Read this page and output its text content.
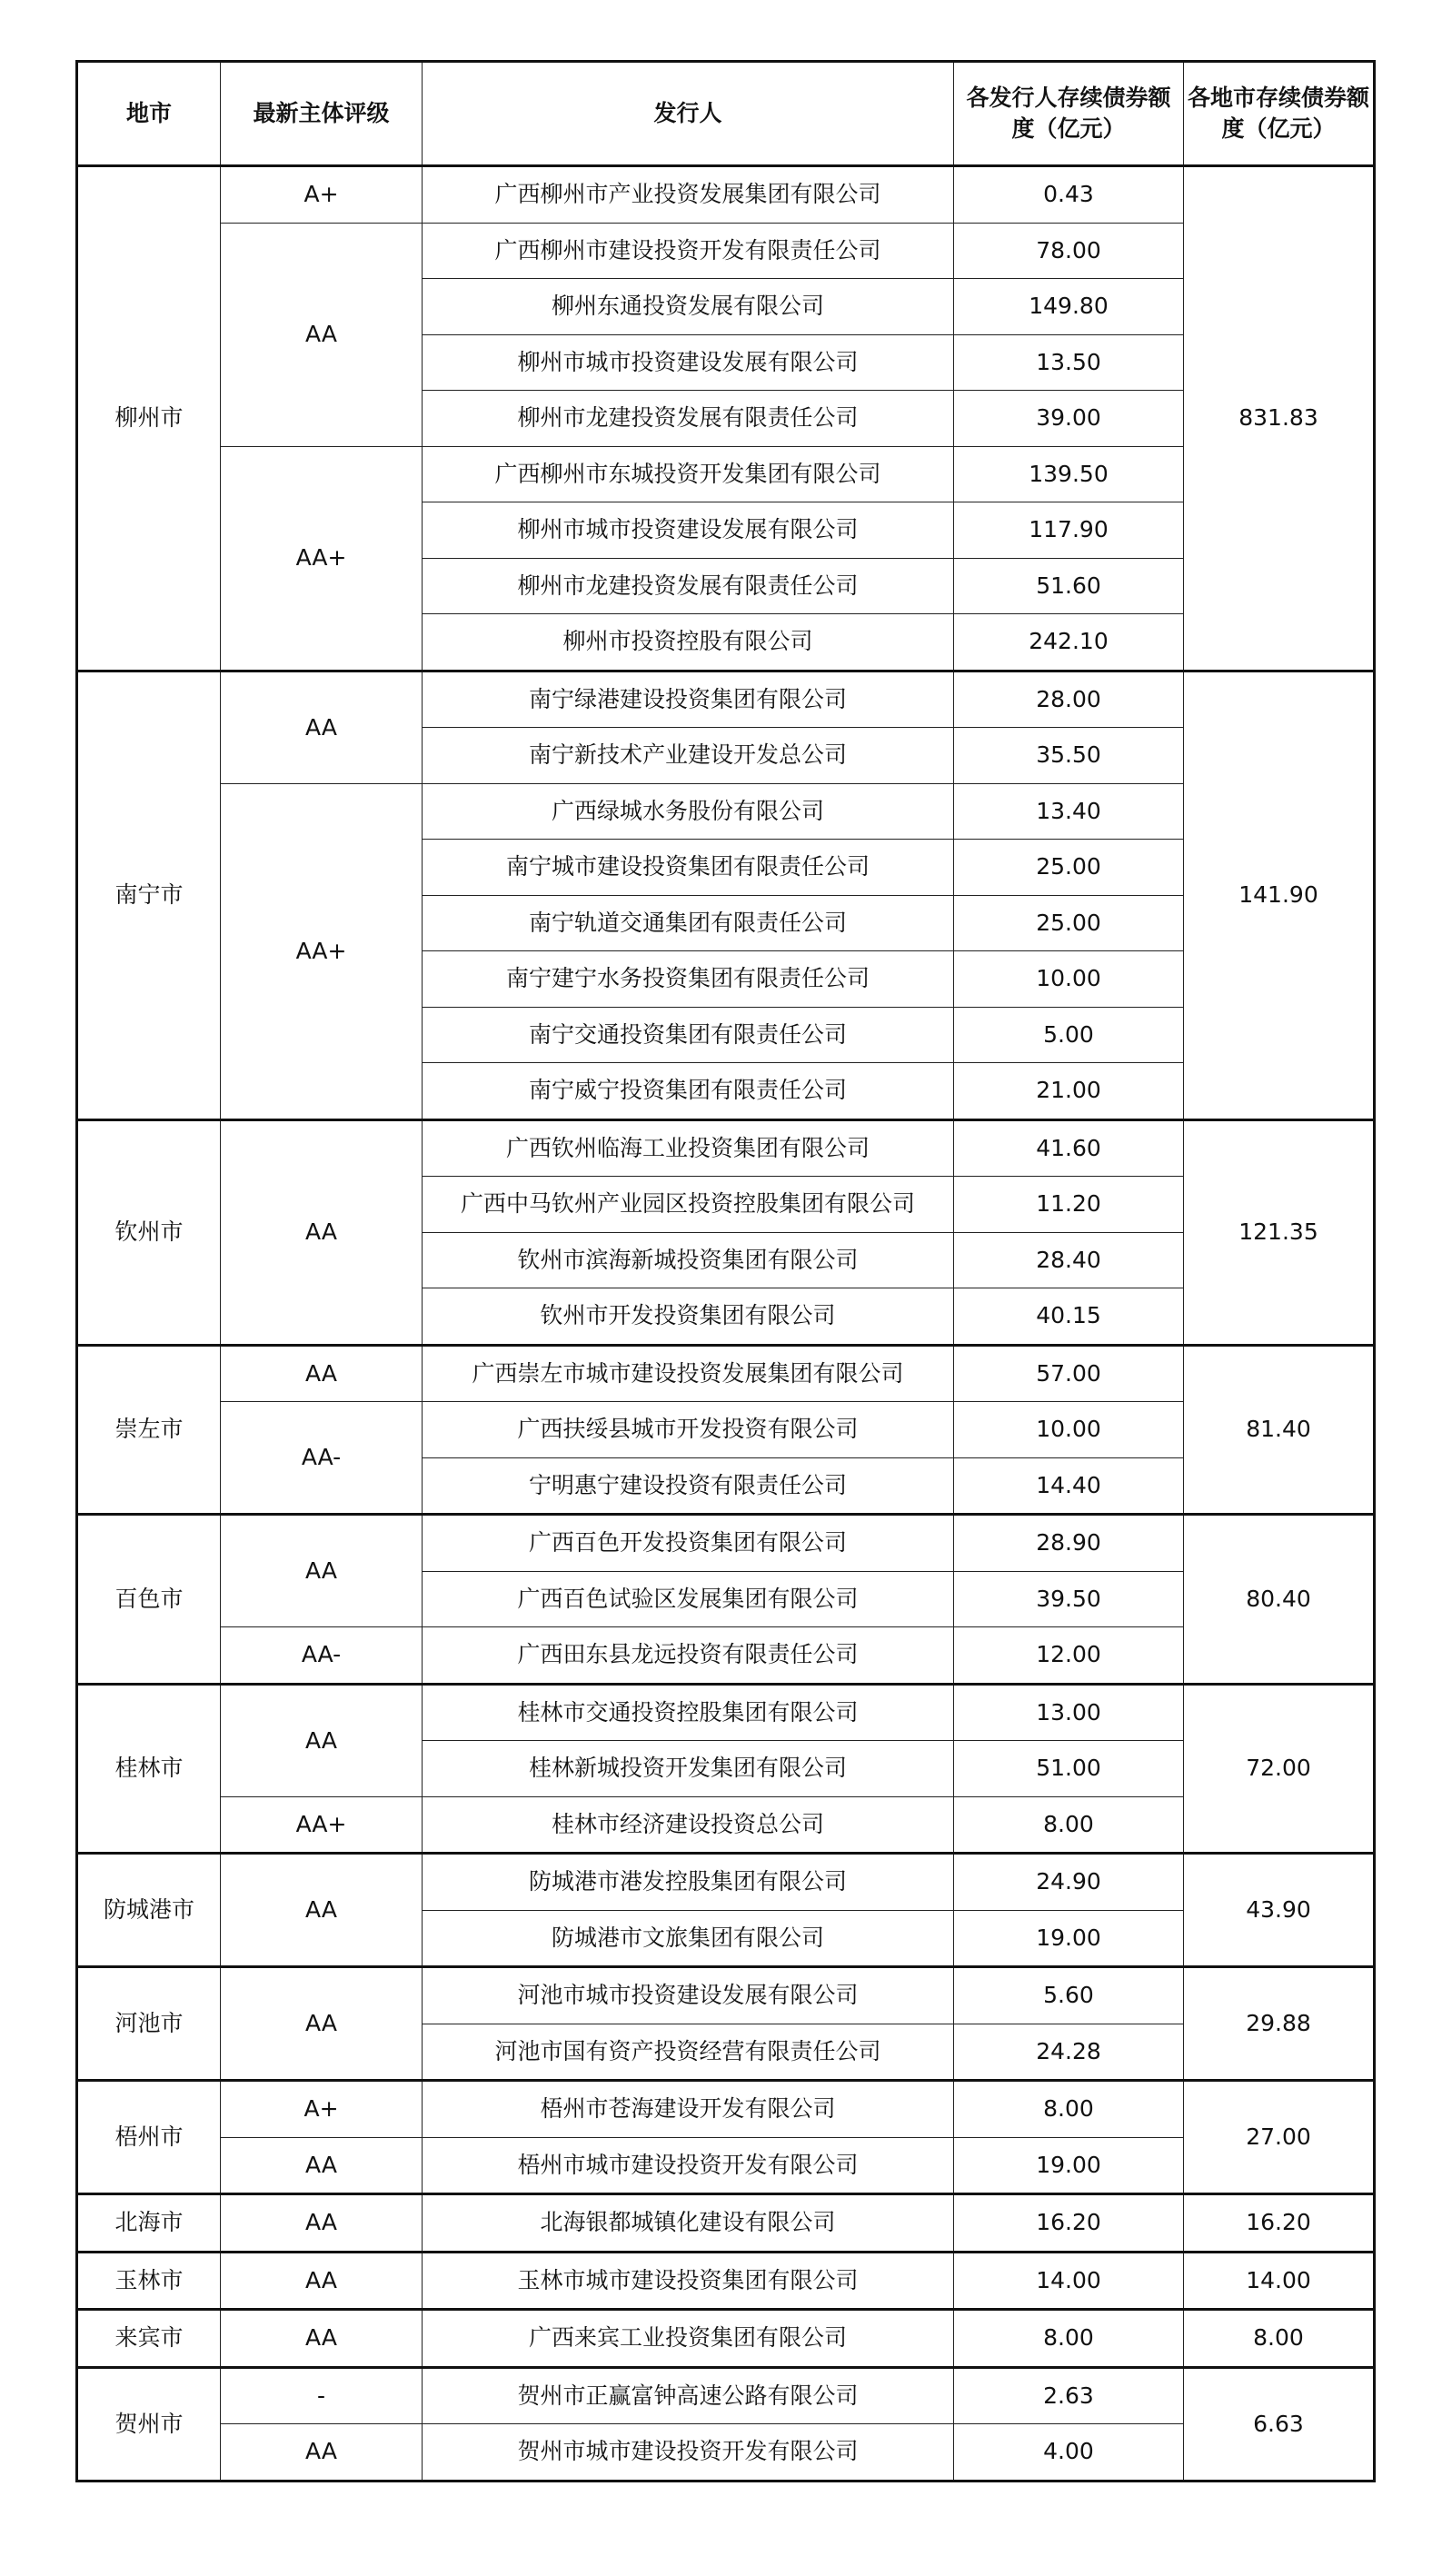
地市	最新主体评级	发行人	各发行人存续债券额度（亿元）	各地市存续债券额度（亿元）
柳州市	A+	广西柳州市产业投资发展集团有限公司	0.43	831.83
	AA	广西柳州市建设投资开发有限责任公司	78.00	
		柳州东通投资发展有限公司	149.80	
		柳州市城市投资建设发展有限公司	13.50	
		柳州市龙建投资发展有限责任公司	39.00	
	AA+	广西柳州市东城投资开发集团有限公司	139.50	
		柳州市城市投资建设发展有限公司	117.90	
		柳州市龙建投资发展有限责任公司	51.60	
		柳州市投资控股有限公司	242.10	
南宁市	AA	南宁绿港建设投资集团有限公司	28.00	141.90
		南宁新技术产业建设开发总公司	35.50	
	AA+	广西绿城水务股份有限公司	13.40	
		南宁城市建设投资集团有限责任公司	25.00	
		南宁轨道交通集团有限责任公司	25.00	
		南宁建宁水务投资集团有限责任公司	10.00	
		南宁交通投资集团有限责任公司	5.00	
		南宁威宁投资集团有限责任公司	21.00	
钦州市	AA	广西钦州临海工业投资集团有限公司	41.60	121.35
		广西中马钦州产业园区投资控股集团有限公司	11.20	
		钦州市滨海新城投资集团有限公司	28.40	
		钦州市开发投资集团有限公司	40.15	
崇左市	AA	广西崇左市城市建设投资发展集团有限公司	57.00	81.40
	AA-	广西扶绥县城市开发投资有限公司	10.00	
		宁明惠宁建设投资有限责任公司	14.40	
百色市	AA	广西百色开发投资集团有限公司	28.90	80.40
		广西百色试验区发展集团有限公司	39.50	
	AA-	广西田东县龙远投资有限责任公司	12.00	
桂林市	AA	桂林市交通投资控股集团有限公司	13.00	72.00
		桂林新城投资开发集团有限公司	51.00	
	AA+	桂林市经济建设投资总公司	8.00	
防城港市	AA	防城港市港发控股集团有限公司	24.90	43.90
		防城港市文旅集团有限公司	19.00	
河池市	AA	河池市城市投资建设发展有限公司	5.60	29.88
		河池市国有资产投资经营有限责任公司	24.28	
梧州市	A+	梧州市苍海建设开发有限公司	8.00	27.00
	AA	梧州市城市建设投资开发有限公司	19.00	
北海市	AA	北海银都城镇化建设有限公司	16.20	16.20
玉林市	AA	玉林市城市建设投资集团有限公司	14.00	14.00
来宾市	AA	广西来宾工业投资集团有限公司	8.00	8.00
贺州市	-	贺州市正赢富钟高速公路有限公司	2.63	6.63
	AA	贺州市城市建设投资开发有限公司	4.00	
